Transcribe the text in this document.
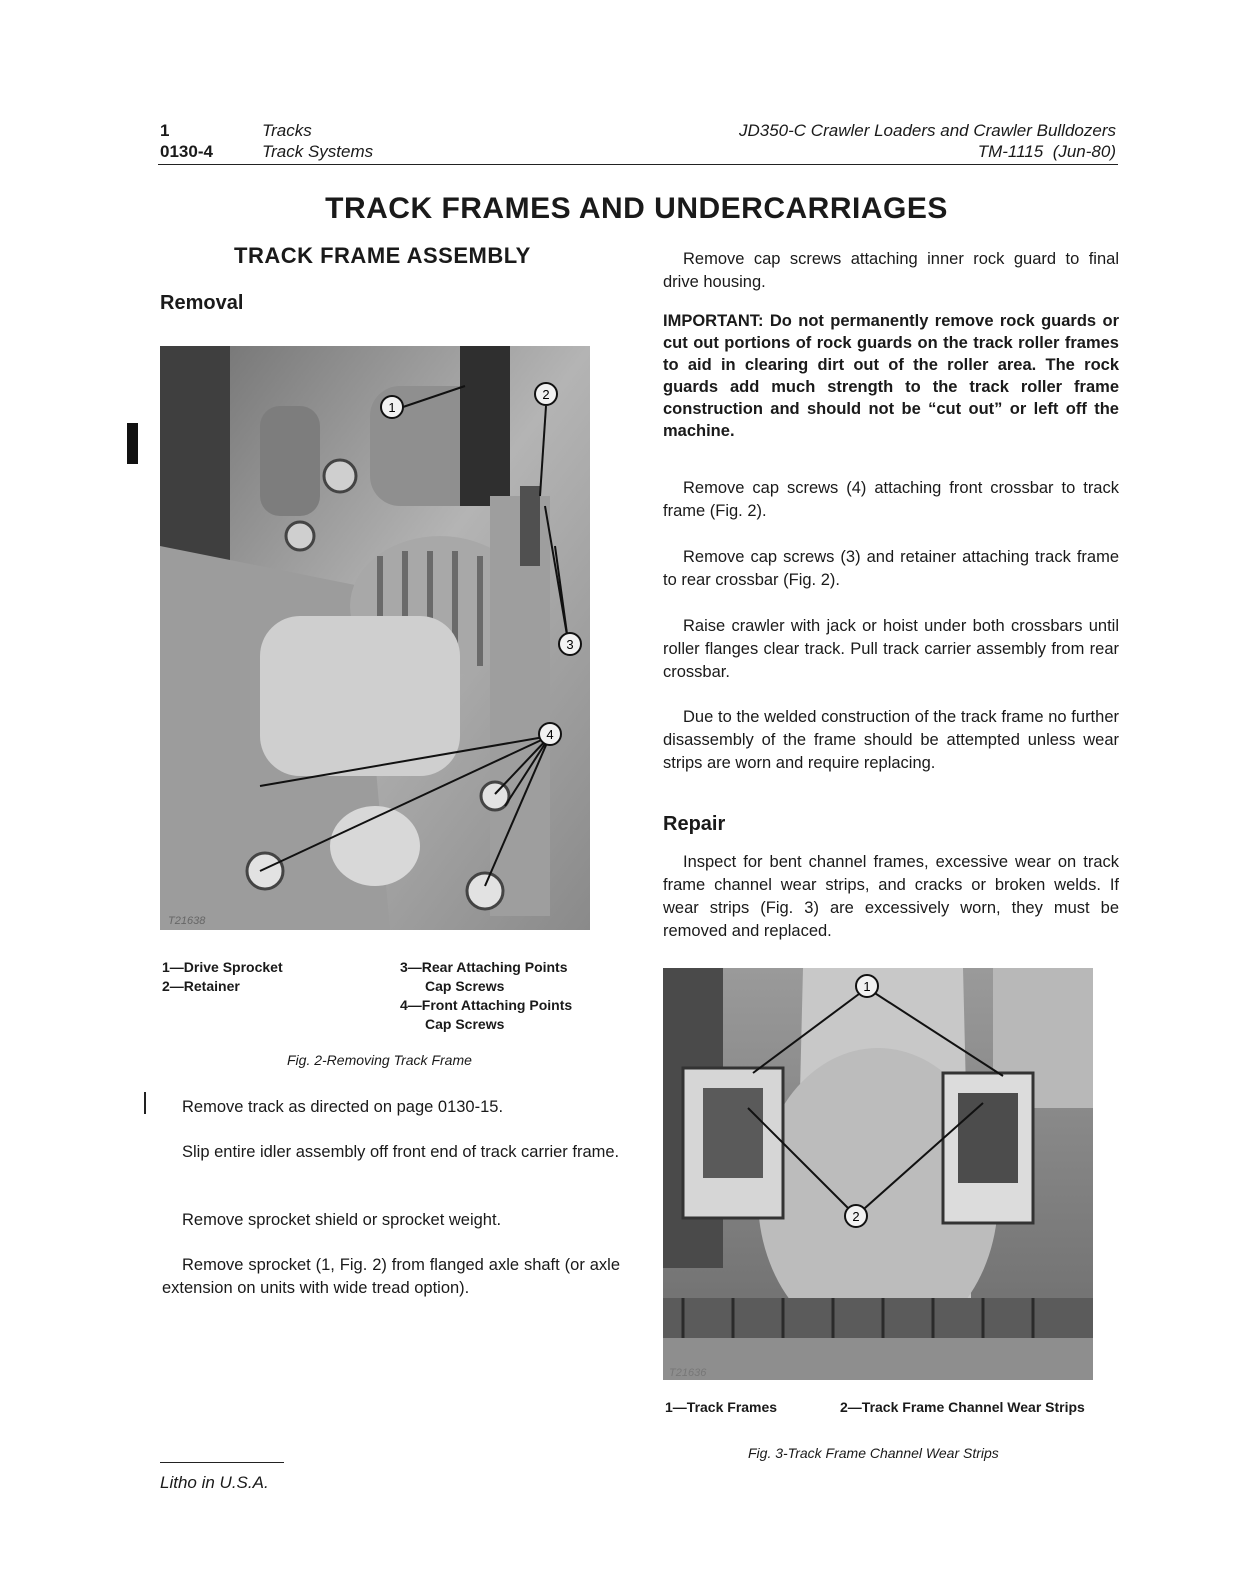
1
0130-4
Tracks
Track Systems
JD350-C Crawler Loaders and Crawler Bulldozers
TM-1115 (Jun-80)
TRACK FRAMES AND UNDERCARRIAGES
TRACK FRAME ASSEMBLY
Removal
1
2
3
4
T21638
1—Drive Sprocket
2—Retainer
3—Rear Attaching Points
Cap Screws
4—Front Attaching Points
Cap Screws
Fig. 2-Removing Track Frame
Remove track as directed on page 0130-15.
Slip entire idler assembly off front end of track carrier frame.
Remove sprocket shield or sprocket weight.
Remove sprocket (1, Fig. 2) from flanged axle shaft (or axle extension on units with wide tread option).
Remove cap screws attaching inner rock guard to final drive housing.
IMPORTANT: Do not permanently remove rock guards or cut out portions of rock guards on the track roller frames to aid in clearing dirt out of the roller area. The rock guards add much strength to the track roller frame construction and should not be “cut out” or left off the machine.
Remove cap screws (4) attaching front crossbar to track frame (Fig. 2).
Remove cap screws (3) and retainer attaching track frame to rear crossbar (Fig. 2).
Raise crawler with jack or hoist under both crossbars until roller flanges clear track. Pull track carrier assembly from rear crossbar.
Due to the welded construction of the track frame no further disassembly of the frame should be attempted unless wear strips are worn and require replacing.
Repair
Inspect for bent channel frames, excessive wear on track frame channel wear strips, and cracks or broken welds. If wear strips (Fig. 3) are excessively worn, they must be removed and replaced.
1
2
T21636
1—Track Frames	2—Track Frame Channel Wear Strips
Fig. 3-Track Frame Channel Wear Strips
Litho in U.S.A.
